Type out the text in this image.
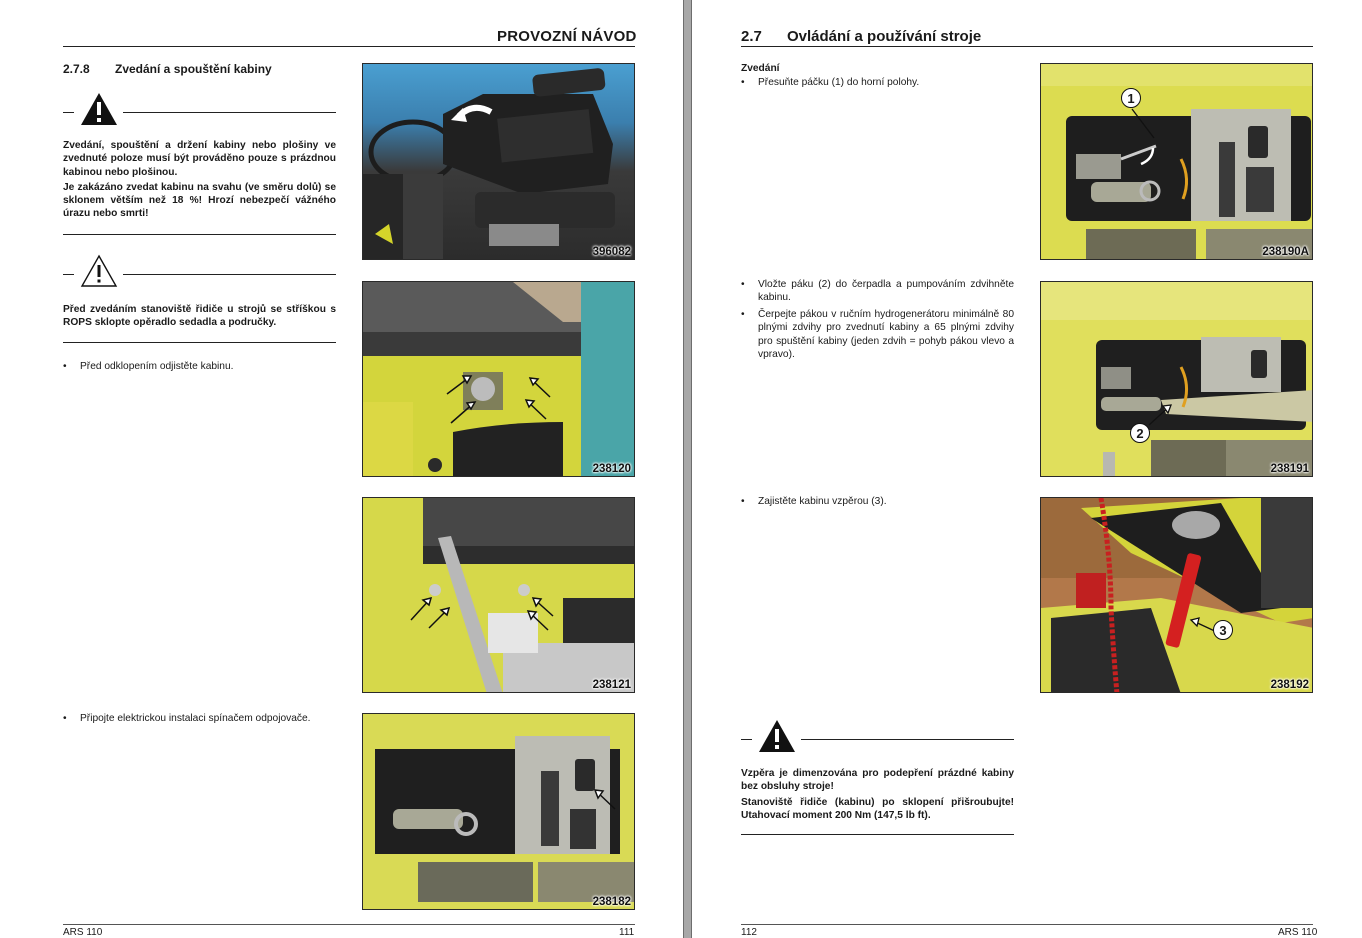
PROVOZNÍ NÁVOD
2.7.8 Zvedání a spouštění kabiny
Zvedání, spouštění a držení kabiny nebo plošiny ve zvednuté poloze musí být prováděno pouze s prázdnou kabinou nebo plošinou.
Je zakázáno zvedat kabinu na svahu (ve směru dolů) se sklonem větším než 18 %! Hrozí nebezpečí vážného úrazu nebo smrti!
Před zvedáním stanoviště řidiče u strojů se stříškou s ROPS sklopte opěradlo sedadla a područky.
• Před odklopením odjistěte kabinu.
• Připojte elektrickou instalaci spínačem odpojovače.
396082
238120
238121
238182
ARS 110	111
2.7 Ovládání a používání stroje
Zvedání
• Přesuňte páčku (1) do horní polohy.
• Vložte páku (2) do čerpadla a pumpováním zdvihněte kabinu.
• Čerpejte pákou v ručním hydrogenerátoru minimálně 80 plnými zdvihy pro zvednutí kabiny a 65 plnými zdvihy pro spuštění kabiny (jeden zdvih = pohyb pákou vlevo a vpravo).
• Zajistěte kabinu vzpěrou (3).
Vzpěra je dimenzována pro podepření prázdné kabiny bez obsluhy stroje!
Stanoviště řidiče (kabinu) po sklopení přišroubujte! Utahovací moment 200 Nm (147,5 lb ft).
1
238190A
2
238191
3
238192
112	ARS 110
